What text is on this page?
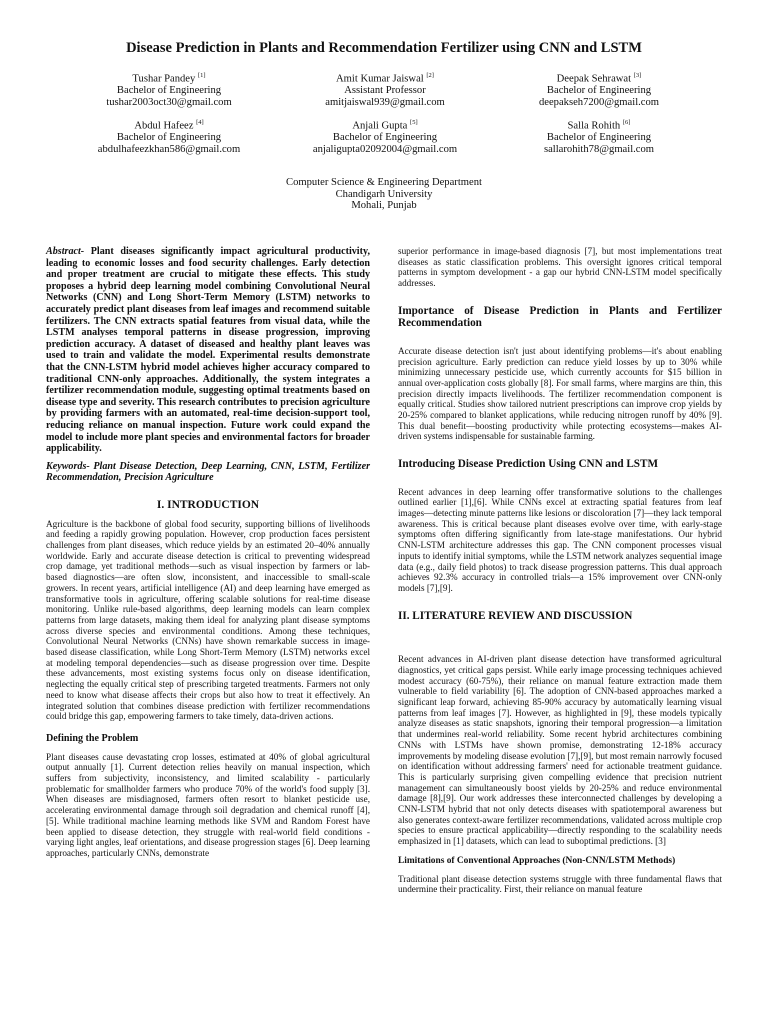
Disease Prediction in Plants and Recommendation Fertilizer using CNN and LSTM
Tushar Pandey [1]
Bachelor of Engineering
tushar2003oct30@gmail.com
Amit Kumar Jaiswal [2]
Assistant Professor
amitjaiswal939@gmail.com
Deepak Sehrawat [3]
Bachelor of Engineering
deepakseh7200@gmail.com
Abdul Hafeez [4]
Bachelor of Engineering
abdulhafeezkhan586@gmail.com
Anjali Gupta [5]
Bachelor of Engineering
anjaligupta02092004@gmail.com
Salla Rohith [6]
Bachelor of Engineering
sallarohith78@gmail.com
Computer Science & Engineering Department
Chandigarh University
Mohali, Punjab

Abstract- Plant diseases significantly impact agricultural productivity, leading to economic losses and food security challenges. Early detection and proper treatment are crucial to mitigate these effects. This study proposes a hybrid deep learning model combining Convolutional Neural Networks (CNN) and Long Short-Term Memory (LSTM) networks to accurately predict plant diseases from leaf images and recommend suitable fertilizers. The CNN extracts spatial features from visual data, while the LSTM analyses temporal patterns in disease progression, improving prediction accuracy. A dataset of diseased and healthy plant leaves was used to train and validate the model. Experimental results demonstrate that the CNN-LSTM hybrid model achieves higher accuracy compared to traditional CNN-only approaches. Additionally, the system integrates a fertilizer recommendation module, suggesting optimal treatments based on disease type and severity. This research contributes to precision agriculture by providing farmers with an automated, real-time decision-support tool, reducing reliance on manual inspection. Future work could expand the model to include more plant species and environmental factors for broader applicability.

Keywords- Plant Disease Detection, Deep Learning, CNN, LSTM, Fertilizer Recommendation, Precision Agriculture

I. INTRODUCTION

Agriculture is the backbone of global food security, supporting billions of livelihoods and feeding a rapidly growing population. However, crop production faces persistent challenges from plant diseases, which reduce yields by an estimated 20–40% annually worldwide. Early and accurate disease detection is critical to preventing widespread crop damage, yet traditional methods—such as visual inspection by farmers or lab-based diagnostics—are often slow, inconsistent, and inaccessible to small-scale growers. In recent years, artificial intelligence (AI) and deep learning have emerged as transformative tools in agriculture, offering scalable solutions for real-time disease monitoring. Unlike rule-based algorithms, deep learning models can learn complex patterns from large datasets, making them ideal for analyzing plant disease symptoms across diverse species and environmental conditions. Among these techniques, Convolutional Neural Networks (CNNs) have shown remarkable success in image-based disease classification, while Long Short-Term Memory (LSTM) networks excel at modeling temporal dependencies—such as disease progression over time. Despite these advancements, most existing systems focus only on disease identification, neglecting the equally critical step of prescribing targeted treatments. Farmers not only need to know what disease affects their crops but also how to treat it effectively. An integrated solution that combines disease prediction with fertilizer recommendations could bridge this gap, empowering farmers to take timely, data-driven actions.

Defining the Problem

Plant diseases cause devastating crop losses, estimated at 40% of global agricultural output annually [1]. Current detection relies heavily on manual inspection, which suffers from subjectivity, inconsistency, and limited scalability - particularly problematic for smallholder farmers who produce 70% of the world's food supply [3]. When diseases are misdiagnosed, farmers often resort to blanket pesticide use, accelerating environmental damage through soil degradation and chemical runoff [4], [5]. While traditional machine learning methods like SVM and Random Forest have been applied to disease detection, they struggle with real-world field conditions - varying light angles, leaf orientations, and disease progression stages [6]. Deep learning approaches, particularly CNNs, demonstrate

superior performance in image-based diagnosis [7], but most implementations treat diseases as static classification problems. This oversight ignores critical temporal patterns in symptom development - a gap our hybrid CNN-LSTM model specifically addresses.

Importance of Disease Prediction in Plants and Fertilizer Recommendation

Accurate disease detection isn't just about identifying problems—it's about enabling precision agriculture. Early prediction can reduce yield losses by up to 30% while minimizing unnecessary pesticide use, which currently accounts for $15 billion in annual over-application costs globally [8]. For small farms, where margins are thin, this precision directly impacts livelihoods. The fertilizer recommendation component is equally critical. Studies show tailored nutrient prescriptions can improve crop yields by 20-25% compared to blanket applications, while reducing nitrogen runoff by 40% [9]. This dual benefit—boosting productivity while protecting ecosystems—makes AI-driven systems indispensable for sustainable farming.

Introducing Disease Prediction Using CNN and LSTM

Recent advances in deep learning offer transformative solutions to the challenges outlined earlier [1],[6]. While CNNs excel at extracting spatial features from leaf images—detecting minute patterns like lesions or discoloration [7]—they lack temporal awareness. This is critical because plant diseases evolve over time, with early-stage symptoms often differing significantly from late-stage manifestations. Our hybrid CNN-LSTM architecture addresses this gap. The CNN component processes visual inputs to identify initial symptoms, while the LSTM network analyzes sequential image data (e.g., daily field photos) to track disease progression patterns. This dual approach achieves 92.3% accuracy in controlled trials—a 15% improvement over CNN-only models [7],[9].

II. LITERATURE REVIEW AND DISCUSSION

Recent advances in AI-driven plant disease detection have transformed agricultural diagnostics, yet critical gaps persist. While early image processing techniques achieved modest accuracy (60-75%), their reliance on manual feature extraction made them vulnerable to field variability [6]. The adoption of CNN-based approaches marked a significant leap forward, achieving 85-90% accuracy by automatically learning visual patterns from leaf images [7]. However, as highlighted in [9], these models typically analyze diseases as static snapshots, ignoring their temporal progression—a limitation that undermines real-world reliability. Some recent hybrid architectures combining CNNs with LSTMs have shown promise, demonstrating 12-18% accuracy improvements by modeling disease evolution [7],[9], but most remain narrowly focused on identification without addressing farmers' need for actionable treatment guidance. This is particularly surprising given compelling evidence that precision nutrient management can simultaneously boost yields by 20-25% and reduce environmental damage [8],[9]. Our work addresses these interconnected challenges by developing a CNN-LSTM hybrid that not only detects diseases with spatiotemporal awareness but also generates context-aware fertilizer recommendations, validated across multiple crop species to ensure practical applicability—directly responding to the scalability needs emphasized in [1] datasets, which can lead to suboptimal predictions. [3]

Limitations of Conventional Approaches (Non-CNN/LSTM Methods)

Traditional plant disease detection systems struggle with three fundamental flaws that undermine their practicality. First, their reliance on manual feature
